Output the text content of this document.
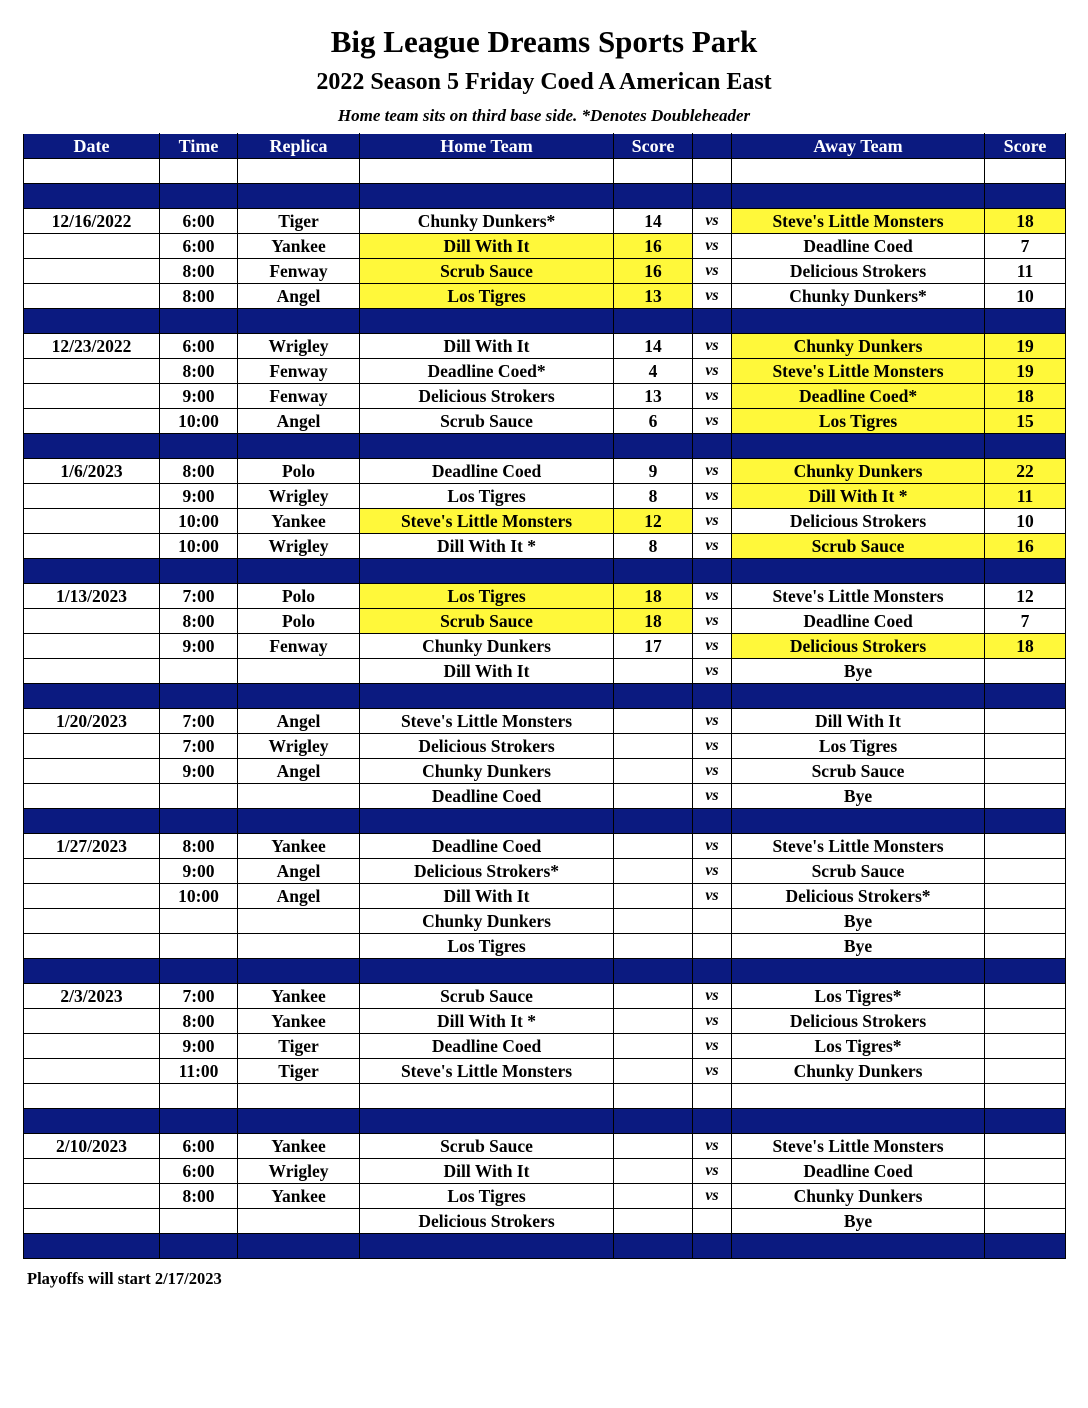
Big League Dreams Sports Park
2022 Season 5 Friday Coed A American East
Home team sits on third base side. *Denotes Doubleheader
Date	Time	Replica	Home Team	Score		Away Team	Score

12/16/2022	6:00	Tiger	Chunky Dunkers*	14	vs	Steve's Little Monsters	18
	6:00	Yankee	Dill With It	16	vs	Deadline Coed	7
	8:00	Fenway	Scrub Sauce	16	vs	Delicious Strokers	11
	8:00	Angel	Los Tigres	13	vs	Chunky Dunkers*	10

12/23/2022	6:00	Wrigley	Dill With It	14	vs	Chunky Dunkers	19
	8:00	Fenway	Deadline Coed*	4	vs	Steve's Little Monsters	19
	9:00	Fenway	Delicious Strokers	13	vs	Deadline Coed*	18
	10:00	Angel	Scrub Sauce	6	vs	Los Tigres	15

1/6/2023	8:00	Polo	Deadline Coed	9	vs	Chunky Dunkers	22
	9:00	Wrigley	Los Tigres	8	vs	Dill With It *	11
	10:00	Yankee	Steve's Little Monsters	12	vs	Delicious Strokers	10
	10:00	Wrigley	Dill With It *	8	vs	Scrub Sauce	16

1/13/2023	7:00	Polo	Los Tigres	18	vs	Steve's Little Monsters	12
	8:00	Polo	Scrub Sauce	18	vs	Deadline Coed	7
	9:00	Fenway	Chunky Dunkers	17	vs	Delicious Strokers	18
			Dill With It		vs	Bye	

1/20/2023	7:00	Angel	Steve's Little Monsters		vs	Dill With It	
	7:00	Wrigley	Delicious Strokers		vs	Los Tigres	
	9:00	Angel	Chunky Dunkers		vs	Scrub Sauce	
			Deadline Coed		vs	Bye	

1/27/2023	8:00	Yankee	Deadline Coed		vs	Steve's Little Monsters	
	9:00	Angel	Delicious Strokers*		vs	Scrub Sauce	
	10:00	Angel	Dill With It		vs	Delicious Strokers*	
			Chunky Dunkers			Bye	
			Los Tigres			Bye	

2/3/2023	7:00	Yankee	Scrub Sauce		vs	Los Tigres*	
	8:00	Yankee	Dill With It *		vs	Delicious Strokers	
	9:00	Tiger	Deadline Coed		vs	Los Tigres*	
	11:00	Tiger	Steve's Little Monsters		vs	Chunky Dunkers	

2/10/2023	6:00	Yankee	Scrub Sauce		vs	Steve's Little Monsters	
	6:00	Wrigley	Dill With It		vs	Deadline Coed	
	8:00	Yankee	Los Tigres		vs	Chunky Dunkers	
			Delicious Strokers			Bye	

Playoffs will start 2/17/2023
